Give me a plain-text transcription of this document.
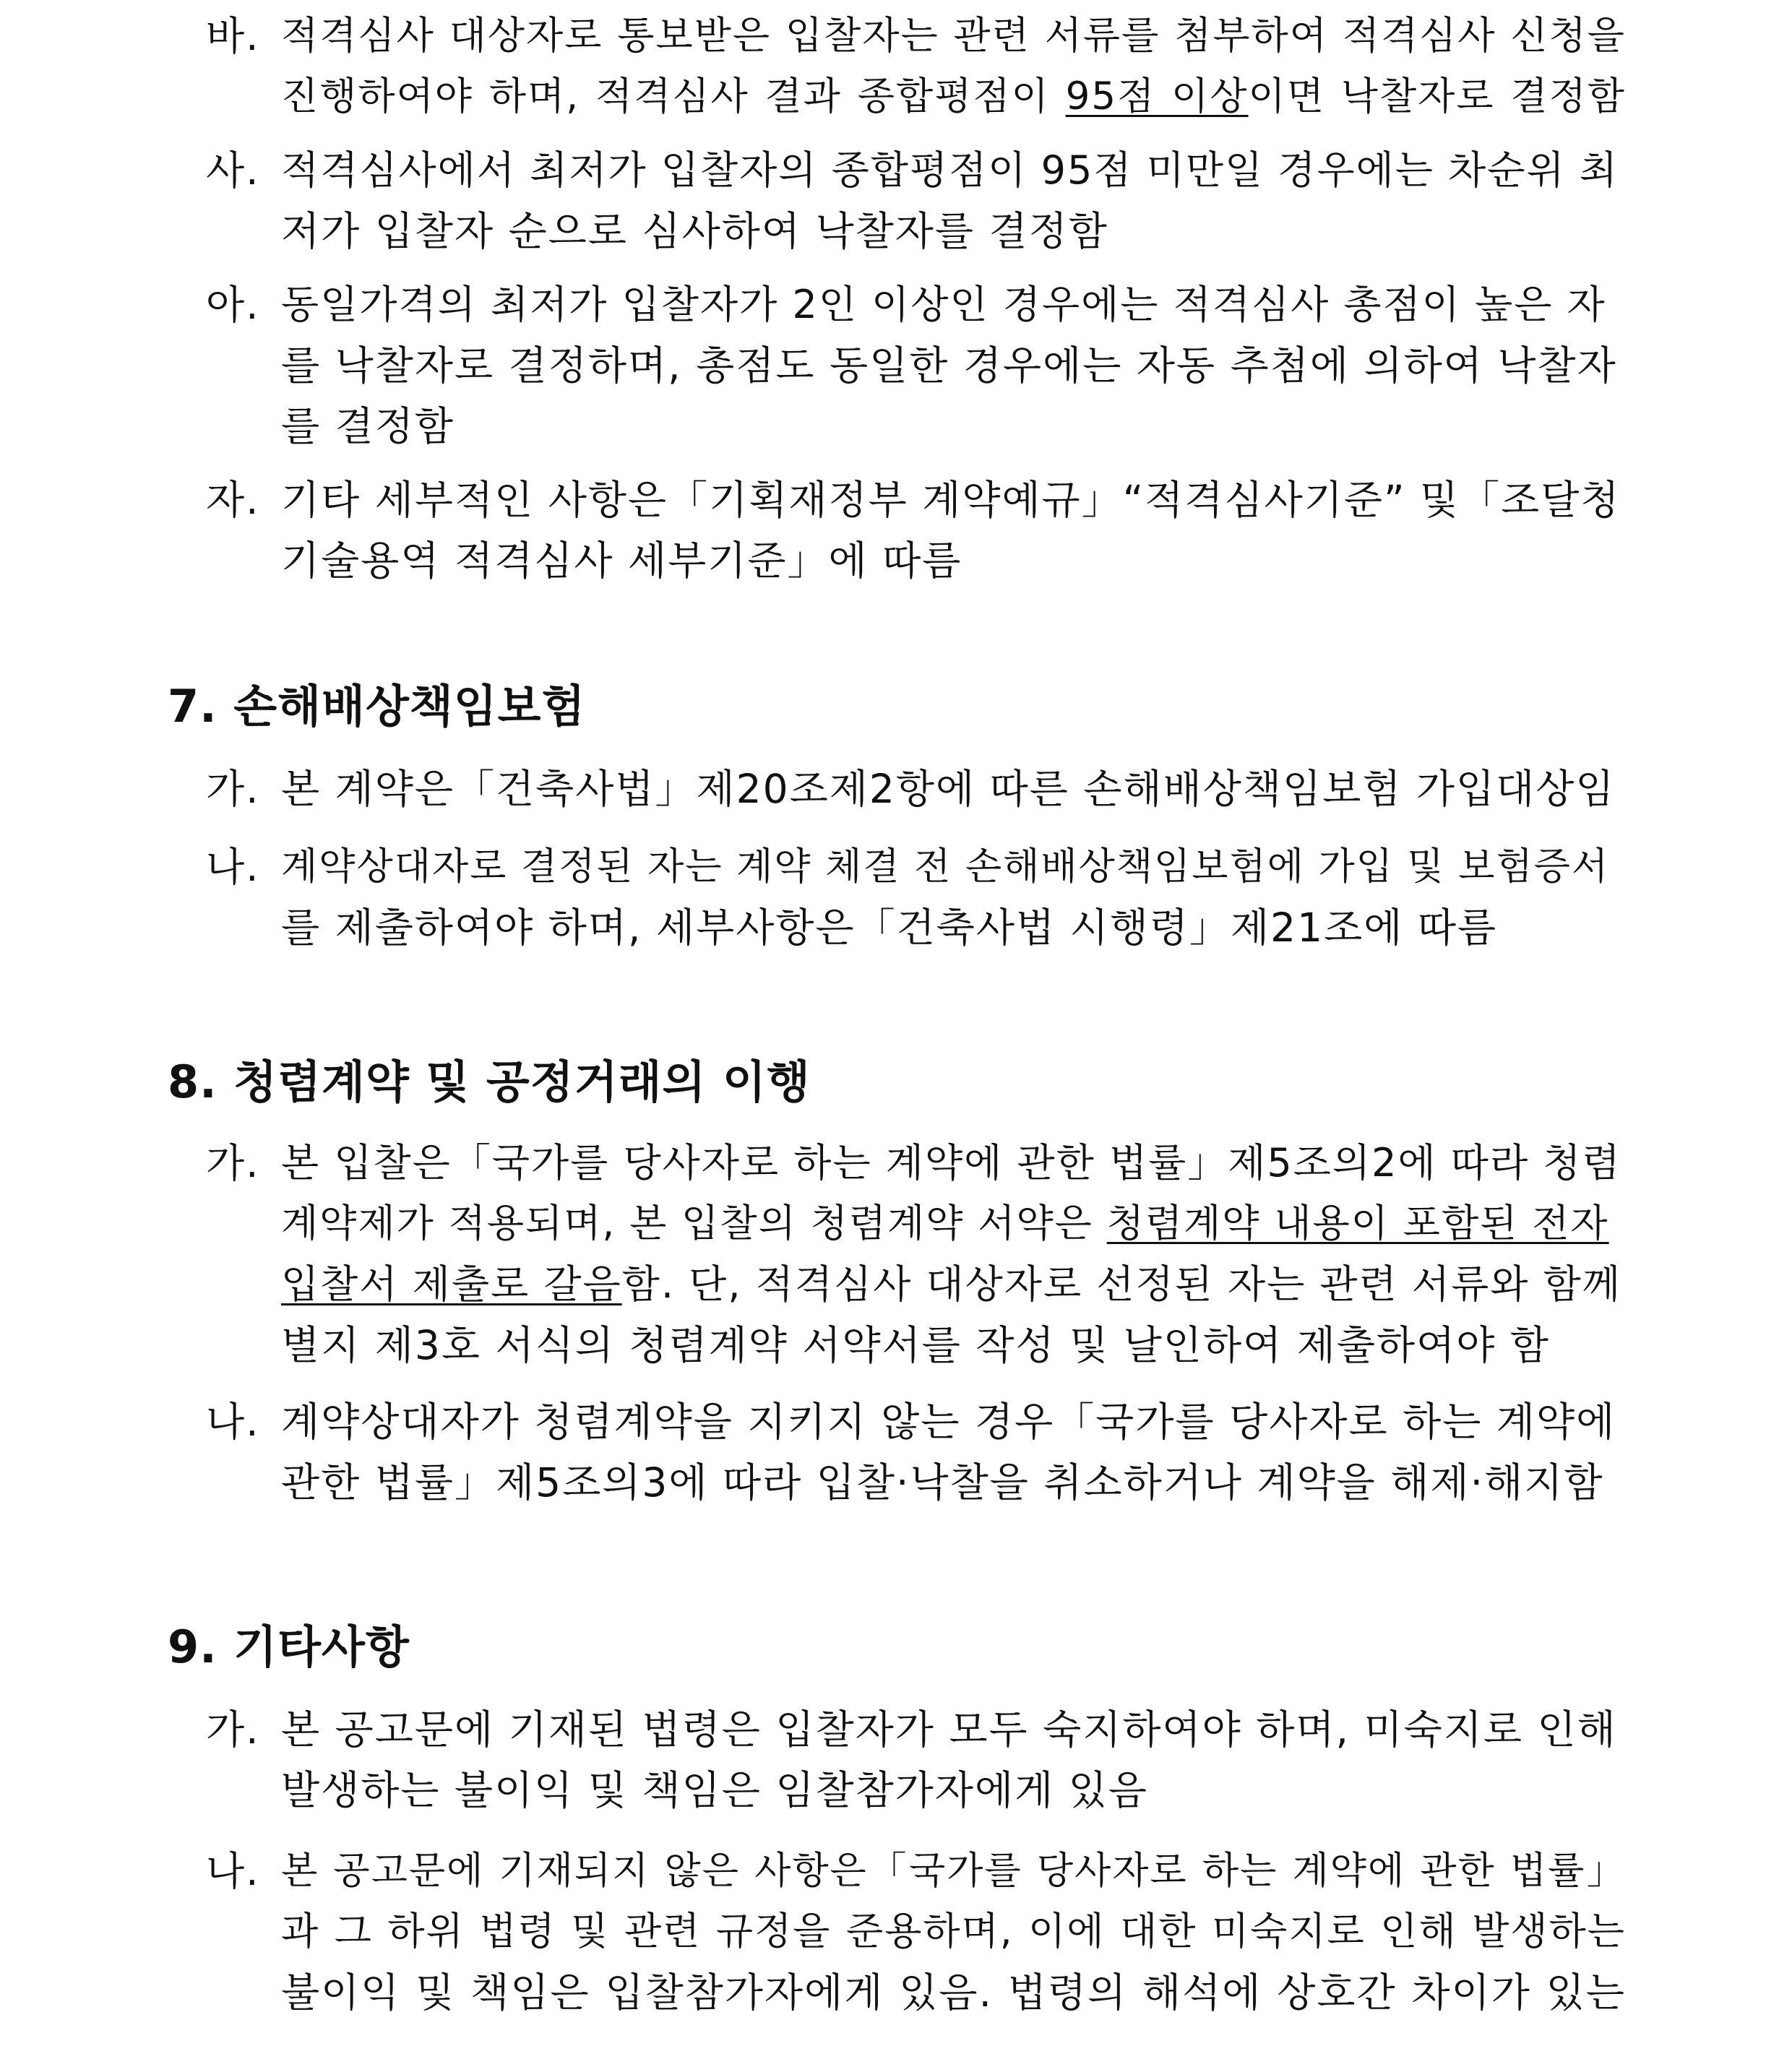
바. 적격심사 대상자로 통보받은 입찰자는 관련 서류를 첨부하여 적격심사 신청을
진행하여야 하며, 적격심사 결과 종합평점이 95점 이상이면 낙찰자로 결정함
사. 적격심사에서 최저가 입찰자의 종합평점이 95점 미만일 경우에는 차순위 최
저가 입찰자 순으로 심사하여 낙찰자를 결정함
아. 동일가격의 최저가 입찰자가 2인 이상인 경우에는 적격심사 총점이 높은 자
를 낙찰자로 결정하며, 총점도 동일한 경우에는 자동 추첨에 의하여 낙찰자
를 결정함
자. 기타 세부적인 사항은「기획재정부 계약예규」“적격심사기준” 및「조달청
기술용역 적격심사 세부기준」에 따름
7. 손해배상책임보험
가. 본 계약은「건축사법」제20조제2항에 따른 손해배상책임보험 가입대상임
나. 계약상대자로 결정된 자는 계약 체결 전 손해배상책임보험에 가입 및 보험증서
를 제출하여야 하며, 세부사항은「건축사법 시행령」제21조에 따름
8. 청렴계약 및 공정거래의 이행
가. 본 입찰은「국가를 당사자로 하는 계약에 관한 법률」제5조의2에 따라 청렴
계약제가 적용되며, 본 입찰의 청렴계약 서약은 청렴계약 내용이 포함된 전자
입찰서 제출로 갈음함. 단, 적격심사 대상자로 선정된 자는 관련 서류와 함께
별지 제3호 서식의 청렴계약 서약서를 작성 및 날인하여 제출하여야 함
나. 계약상대자가 청렴계약을 지키지 않는 경우「국가를 당사자로 하는 계약에
관한 법률」제5조의3에 따라 입찰·낙찰을 취소하거나 계약을 해제·해지함
9. 기타사항
가. 본 공고문에 기재된 법령은 입찰자가 모두 숙지하여야 하며, 미숙지로 인해
발생하는 불이익 및 책임은 임찰참가자에게 있음
나. 본 공고문에 기재되지 않은 사항은「국가를 당사자로 하는 계약에 관한 법률」
과 그 하위 법령 및 관련 규정을 준용하며, 이에 대한 미숙지로 인해 발생하는
불이익 및 책임은 입찰참가자에게 있음. 법령의 해석에 상호간 차이가 있는
